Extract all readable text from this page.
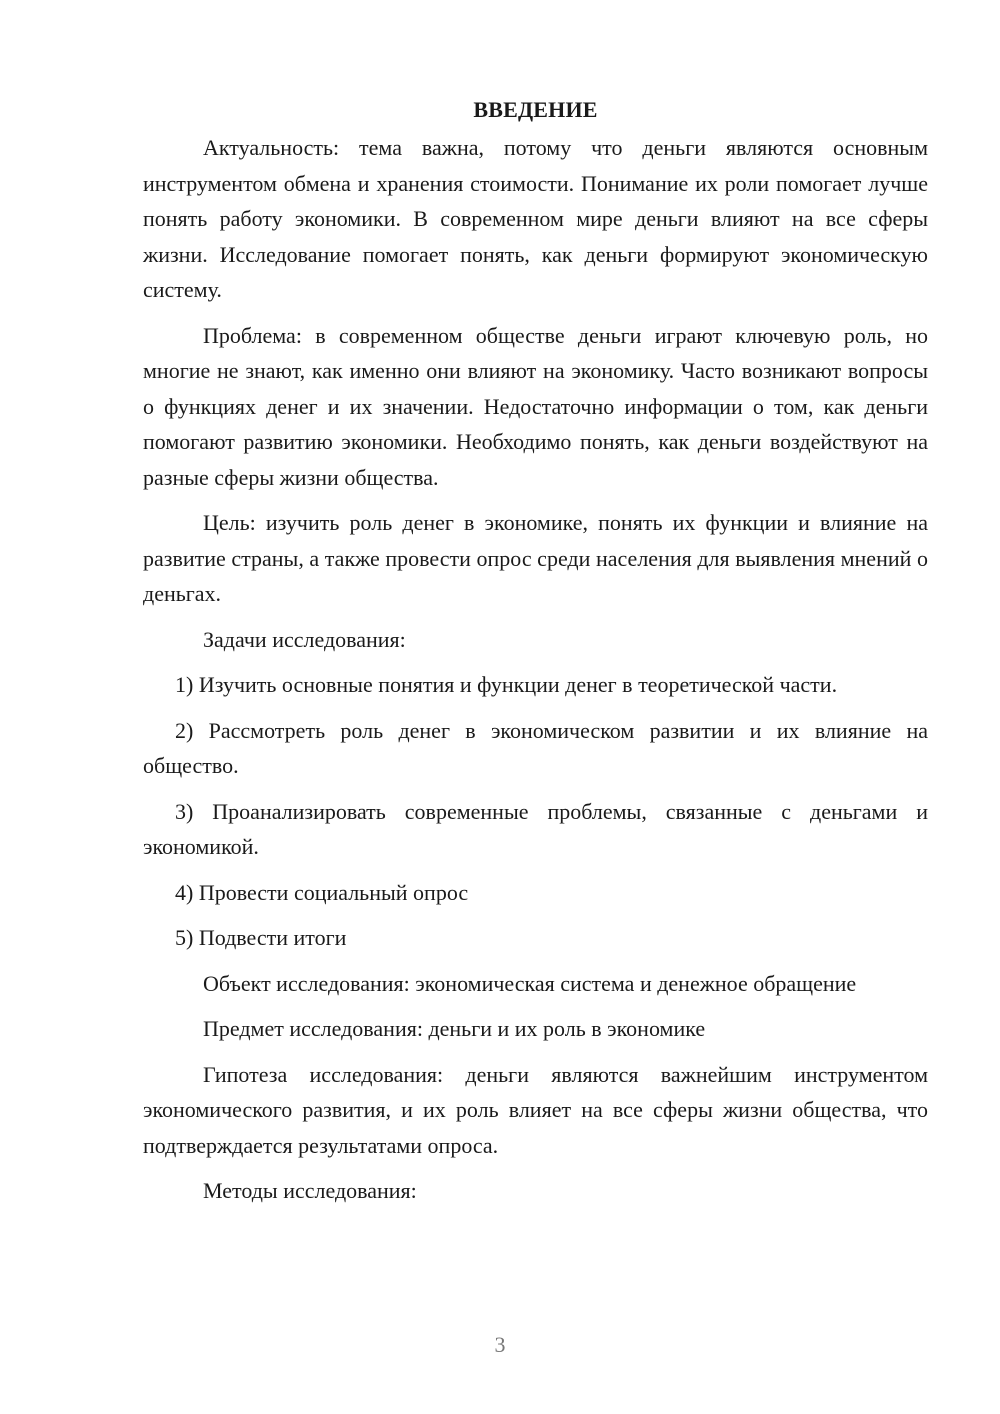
ВВЕДЕНИЕ

Актуальность: тема важна, потому что деньги являются основным инструментом обмена и хранения стоимости. Понимание их роли помогает лучше понять работу экономики. В современном мире деньги влияют на все сферы жизни. Исследование помогает понять, как деньги формируют экономическую систему.

Проблема: в современном обществе деньги играют ключевую роль, но многие не знают, как именно они влияют на экономику. Часто возникают вопросы о функциях денег и их значении. Недостаточно информации о том, как деньги помогают развитию экономики. Необходимо понять, как деньги воздействуют на разные сферы жизни общества.

Цель: изучить роль денег в экономике, понять их функции и влияние на развитие страны, а также провести опрос среди населения для выявления мнений о деньгах.

Задачи исследования:

1) Изучить основные понятия и функции денег в теоретической части.

2) Рассмотреть роль денег в экономическом развитии и их влияние на общество.

3) Проанализировать современные проблемы, связанные с деньгами и экономикой.

4) Провести социальный опрос

5) Подвести итоги

Объект исследования: экономическая система и денежное обращение

Предмет исследования: деньги и их роль в экономике

Гипотеза исследования: деньги являются важнейшим инструментом экономического развития, и их роль влияет на все сферы жизни общества, что подтверждается результатами опроса.

Методы исследования:

3
